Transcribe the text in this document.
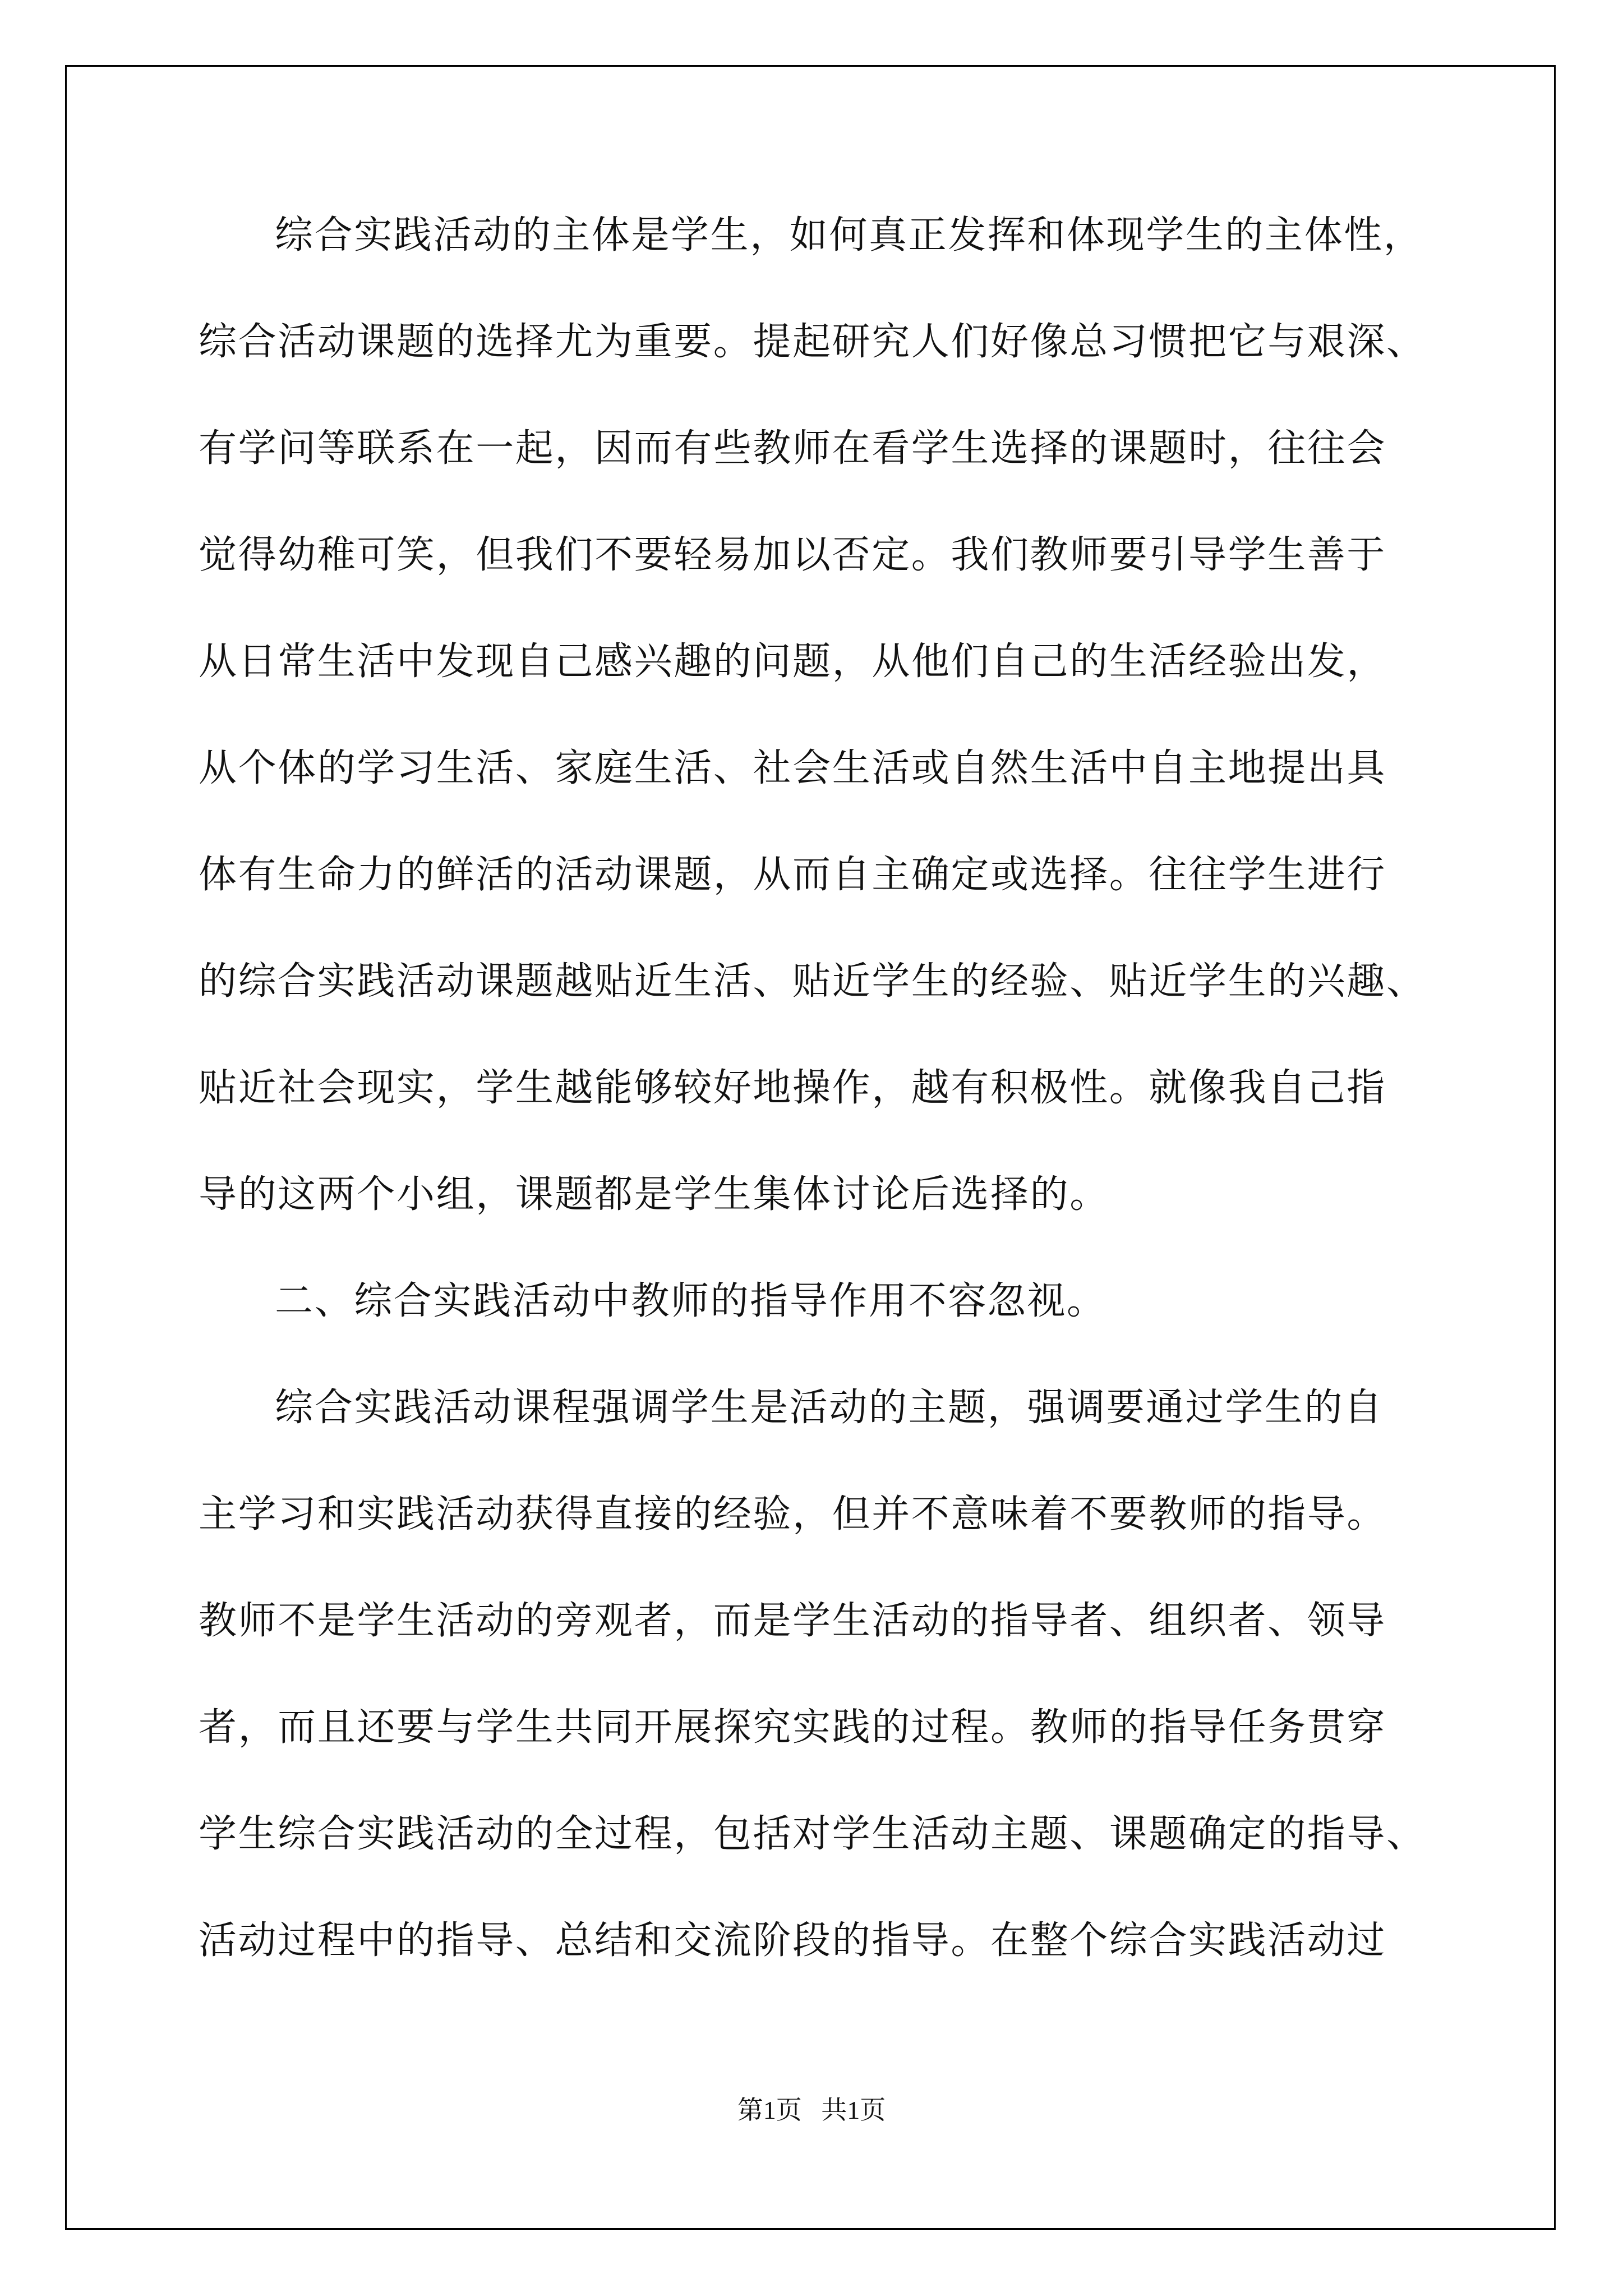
综合实践活动的主体是学生，如何真正发挥和体现学生的主体性，

综合活动课题的选择尤为重要。提起研究人们好像总习惯把它与艰深、

有学问等联系在一起，因而有些教师在看学生选择的课题时，往往会

觉得幼稚可笑，但我们不要轻易加以否定。我们教师要引导学生善于

从日常生活中发现自己感兴趣的问题，从他们自己的生活经验出发，

从个体的学习生活、家庭生活、社会生活或自然生活中自主地提出具

体有生命力的鲜活的活动课题，从而自主确定或选择。往往学生进行

的综合实践活动课题越贴近生活、贴近学生的经验、贴近学生的兴趣、

贴近社会现实，学生越能够较好地操作，越有积极性。就像我自己指

导的这两个小组，课题都是学生集体讨论后选择的。

二、综合实践活动中教师的指导作用不容忽视。

综合实践活动课程强调学生是活动的主题，强调要通过学生的自

主学习和实践活动获得直接的经验，但并不意味着不要教师的指导。

教师不是学生活动的旁观者，而是学生活动的指导者、组织者、领导

者，而且还要与学生共同开展探究实践的过程。教师的指导任务贯穿

学生综合实践活动的全过程，包括对学生活动主题、课题确定的指导、

活动过程中的指导、总结和交流阶段的指导。在整个综合实践活动过

第1页   共1页
